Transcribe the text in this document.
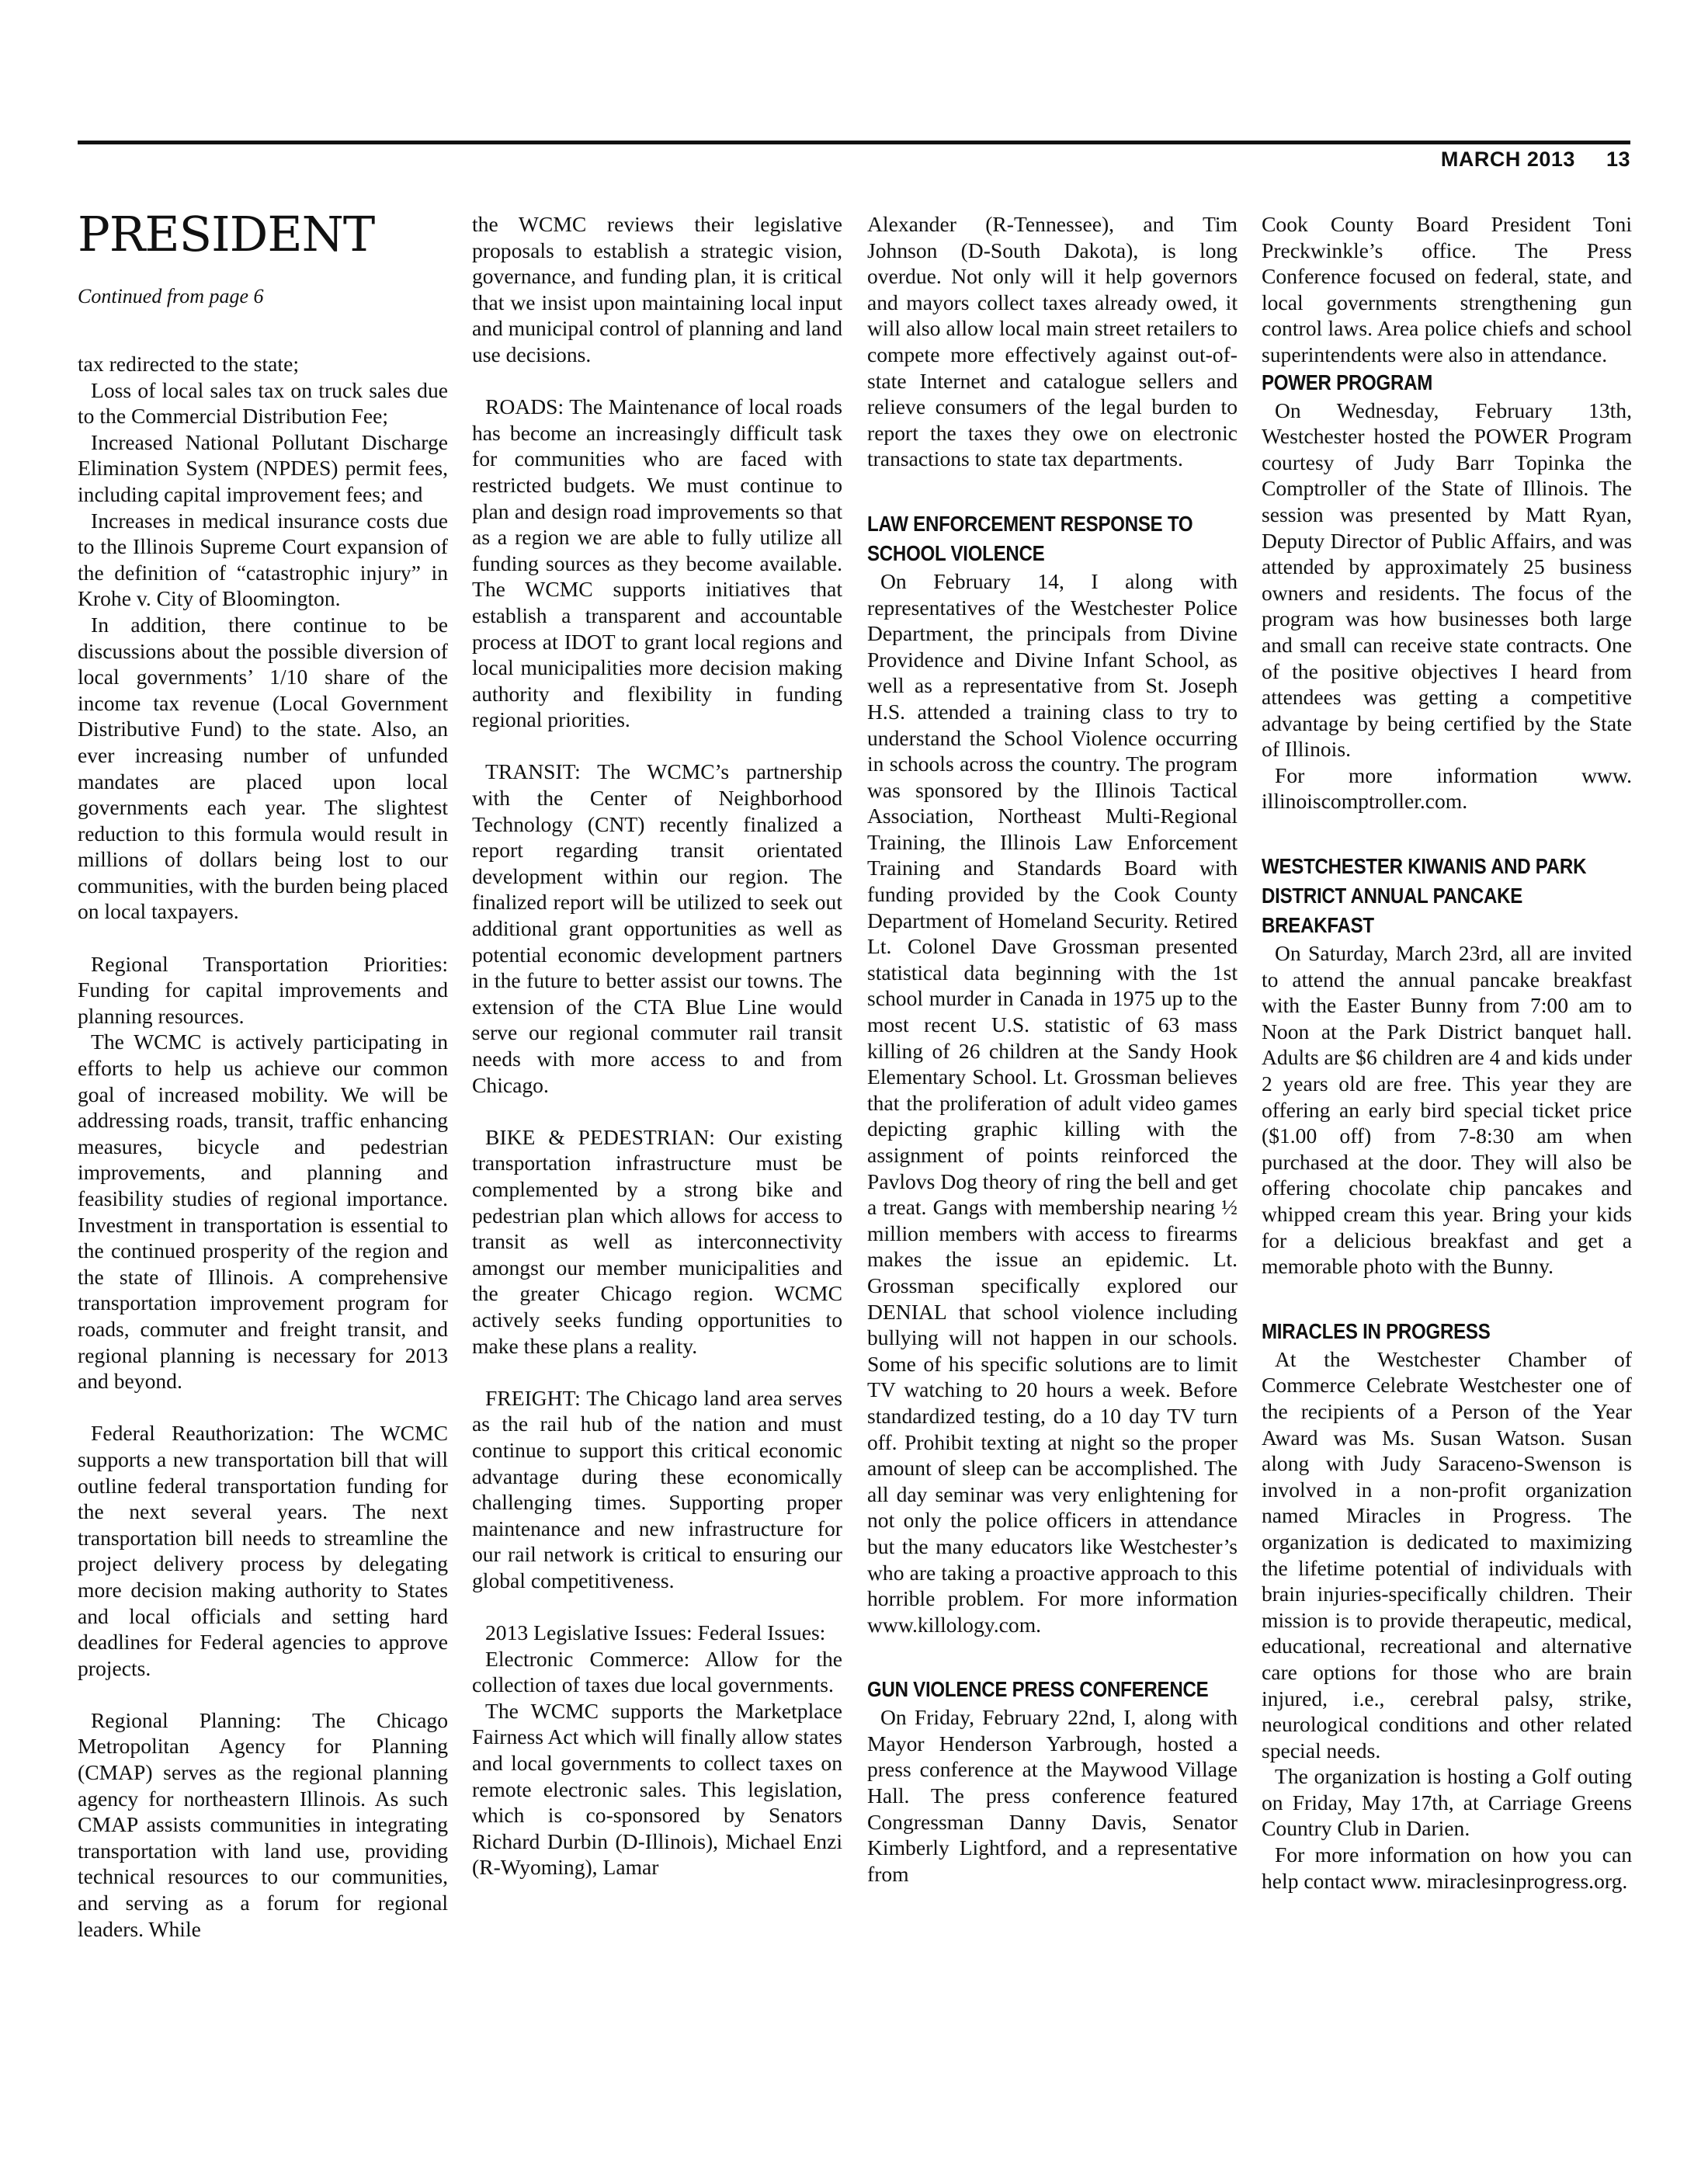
MARCH 2013 13
PRESIDENT
Continued from page 6

tax redirected to the state;

Loss of local sales tax on truck sales due to the Commercial Distribution Fee;

Increased National Pollutant Discharge Elimination System (NPDES) permit fees, including capital improvement fees; and

Increases in medical insurance costs due to the Illinois Supreme Court expansion of the definition of “catastrophic injury” in Krohe v. City of Bloomington.

In addition, there continue to be discussions about the possible diversion of local governments’ 1/10 share of the income tax revenue (Local Government Distributive Fund) to the state. Also, an ever increasing number of unfunded mandates are placed upon local governments each year. The slightest reduction to this formula would result in millions of dollars being lost to our communities, with the burden being placed on local taxpayers.

Regional Transportation Priorities: Funding for capital improvements and planning resources.

The WCMC is actively participating in efforts to help us achieve our common goal of increased mobility. We will be addressing roads, transit, traffic enhancing measures, bicycle and pedestrian improvements, and planning and feasibility studies of regional importance. Investment in transportation is essential to the continued prosperity of the region and the state of Illinois. A comprehensive transportation improvement program for roads, commuter and freight transit, and regional planning is necessary for 2013 and beyond.

Federal Reauthorization: The WCMC supports a new transportation bill that will outline federal transportation funding for the next several years. The next transportation bill needs to streamline the project delivery process by delegating more decision making authority to States and local officials and setting hard deadlines for Federal agencies to approve projects.

Regional Planning: The Chicago Metropolitan Agency for Planning (CMAP) serves as the regional planning agency for northeastern Illinois. As such CMAP assists communities in integrating transportation with land use, providing technical resources to our communities, and serving as a forum for regional leaders. While

the WCMC reviews their legislative proposals to establish a strategic vision, governance, and funding plan, it is critical that we insist upon maintaining local input and municipal control of planning and land use decisions.

ROADS: The Maintenance of local roads has become an increasingly difficult task for communities who are faced with restricted budgets. We must continue to plan and design road improvements so that as a region we are able to fully utilize all funding sources as they become available. The WCMC supports initiatives that establish a transparent and accountable process at IDOT to grant local regions and local municipalities more decision making authority and flexibility in funding regional priorities.

TRANSIT: The WCMC’s partnership with the Center of Neighborhood Technology (CNT) recently finalized a report regarding transit orientated development within our region. The finalized report will be utilized to seek out additional grant opportunities as well as potential economic development partners in the future to better assist our towns. The extension of the CTA Blue Line would serve our regional commuter rail transit needs with more access to and from Chicago.

BIKE & PEDESTRIAN: Our existing transportation infrastructure must be complemented by a strong bike and pedestrian plan which allows for access to transit as well as interconnectivity amongst our member municipalities and the greater Chicago region. WCMC actively seeks funding opportunities to make these plans a reality.

FREIGHT: The Chicago land area serves as the rail hub of the nation and must continue to support this critical economic advantage during these economically challenging times. Supporting proper maintenance and new infrastructure for our rail network is critical to ensuring our global competitiveness.

2013 Legislative Issues: Federal Issues:

Electronic Commerce: Allow for the collection of taxes due local governments.

The WCMC supports the Marketplace Fairness Act which will finally allow states and local governments to collect taxes on remote electronic sales. This legislation, which is co-sponsored by Senators Richard Durbin (D-Illinois), Michael Enzi (R-Wyoming), Lamar

Alexander (R-Tennessee), and Tim Johnson (D-South Dakota), is long overdue. Not only will it help governors and mayors collect taxes already owed, it will also allow local main street retailers to compete more effectively against out-of-state Internet and catalogue sellers and relieve consumers of the legal burden to report the taxes they owe on electronic transactions to state tax departments.

LAW ENFORCEMENT RESPONSE TO SCHOOL VIOLENCE

On February 14, I along with representatives of the Westchester Police Department, the principals from Divine Providence and Divine Infant School, as well as a representative from St. Joseph H.S. attended a training class to try to understand the School Violence occurring in schools across the country. The program was sponsored by the Illinois Tactical Association, Northeast Multi-Regional Training, the Illinois Law Enforcement Training and Standards Board with funding provided by the Cook County Department of Homeland Security. Retired Lt. Colonel Dave Grossman presented statistical data beginning with the 1st school murder in Canada in 1975 up to the most recent U.S. statistic of 63 mass killing of 26 children at the Sandy Hook Elementary School. Lt. Grossman believes that the proliferation of adult video games depicting graphic killing with the assignment of points reinforced the Pavlovs Dog theory of ring the bell and get a treat. Gangs with membership nearing ½ million members with access to firearms makes the issue an epidemic. Lt. Grossman specifically explored our DENIAL that school violence including bullying will not happen in our schools. Some of his specific solutions are to limit TV watching to 20 hours a week. Before standardized testing, do a 10 day TV turn off. Prohibit texting at night so the proper amount of sleep can be accomplished. The all day seminar was very enlightening for not only the police officers in attendance but the many educators like Westchester’s who are taking a proactive approach to this horrible problem. For more information www.killology.com.

GUN VIOLENCE PRESS CONFERENCE

On Friday, February 22nd, I, along with Mayor Henderson Yarbrough, hosted a press conference at the Maywood Village Hall. The press conference featured Congressman Danny Davis, Senator Kimberly Lightford, and a representative from

Cook County Board President Toni Preckwinkle’s office. The Press Conference focused on federal, state, and local governments strengthening gun control laws. Area police chiefs and school superintendents were also in attendance.

POWER PROGRAM

On Wednesday, February 13th, Westchester hosted the POWER Program courtesy of Judy Barr Topinka the Comptroller of the State of Illinois. The session was presented by Matt Ryan, Deputy Director of Public Affairs, and was attended by approximately 25 business owners and residents. The focus of the program was how businesses both large and small can receive state contracts. One of the positive objectives I heard from attendees was getting a competitive advantage by being certified by the State of Illinois.

For more information www. illinoiscomptroller.com.

WESTCHESTER KIWANIS AND PARK DISTRICT ANNUAL PANCAKE BREAKFAST

On Saturday, March 23rd, all are invited to attend the annual pancake breakfast with the Easter Bunny from 7:00 am to Noon at the Park District banquet hall. Adults are $6 children are 4 and kids under 2 years old are free. This year they are offering an early bird special ticket price ($1.00 off) from 7-8:30 am when purchased at the door. They will also be offering chocolate chip pancakes and whipped cream this year. Bring your kids for a delicious breakfast and get a memorable photo with the Bunny.

MIRACLES IN PROGRESS

At the Westchester Chamber of Commerce Celebrate Westchester one of the recipients of a Person of the Year Award was Ms. Susan Watson. Susan along with Judy Saraceno-Swenson is involved in a non-profit organization named Miracles in Progress. The organization is dedicated to maximizing the lifetime potential of individuals with brain injuries-specifically children. Their mission is to provide therapeutic, medical, educational, recreational and alternative care options for those who are brain injured, i.e., cerebral palsy, strike, neurological conditions and other related special needs.

The organization is hosting a Golf outing on Friday, May 17th, at Carriage Greens Country Club in Darien.

For more information on how you can help contact www. miraclesinprogress.org.
